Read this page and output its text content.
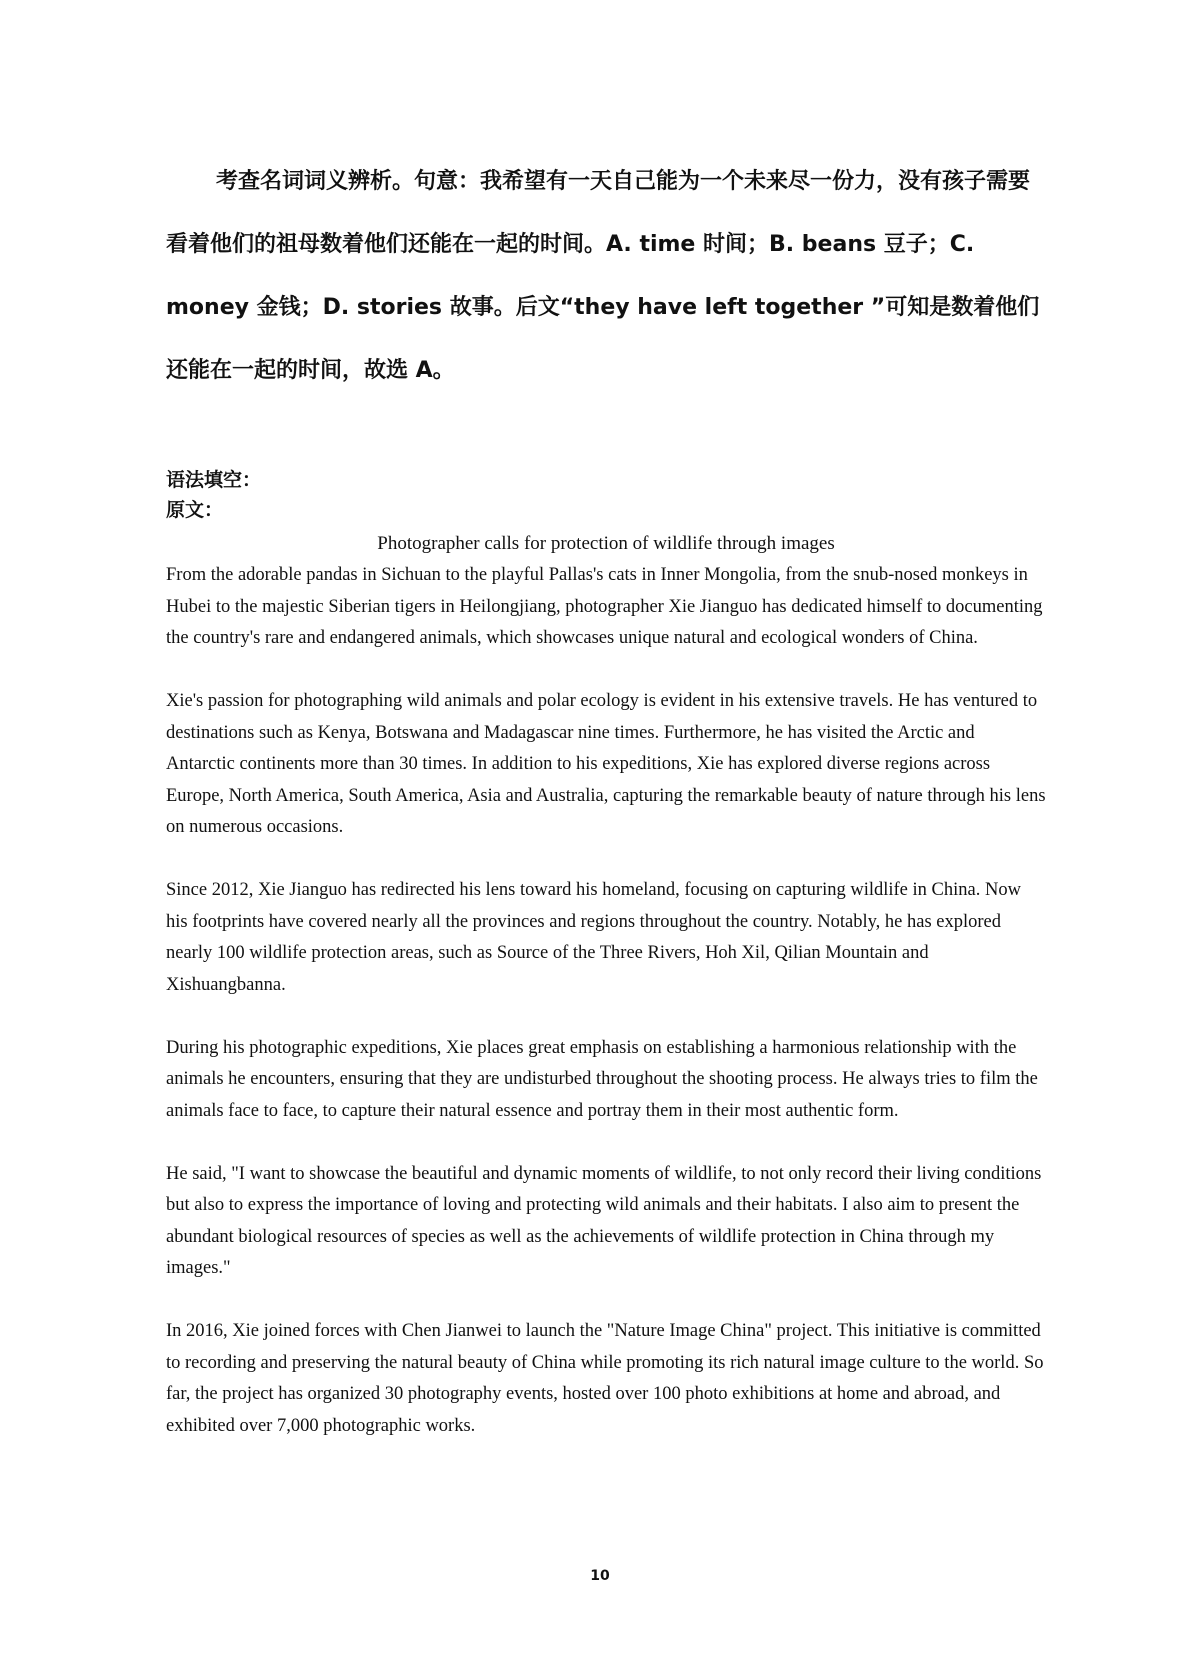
考查名词词义辨析。句意：我希望有一天自己能为一个未来尽一份力，没有孩子需要看着他们的祖母数着他们还能在一起的时间。A. time 时间；B. beans 豆子；C. money 金钱；D. stories 故事。后文“they have left together ”可知是数着他们还能在一起的时间，故选 A。

语法填空：
原文：
Photographer calls for protection of wildlife through images

From the adorable pandas in Sichuan to the playful Pallas's cats in Inner Mongolia, from the snub-nosed monkeys in Hubei to the majestic Siberian tigers in Heilongjiang, photographer Xie Jianguo has dedicated himself to documenting the country's rare and endangered animals, which showcases unique natural and ecological wonders of China.

Xie's passion for photographing wild animals and polar ecology is evident in his extensive travels. He has ventured to destinations such as Kenya, Botswana and Madagascar nine times. Furthermore, he has visited the Arctic and Antarctic continents more than 30 times. In addition to his expeditions, Xie has explored diverse regions across Europe, North America, South America, Asia and Australia, capturing the remarkable beauty of nature through his lens on numerous occasions.

Since 2012, Xie Jianguo has redirected his lens toward his homeland, focusing on capturing wildlife in China. Now his footprints have covered nearly all the provinces and regions throughout the country. Notably, he has explored nearly 100 wildlife protection areas, such as Source of the Three Rivers, Hoh Xil, Qilian Mountain and Xishuangbanna.

During his photographic expeditions, Xie places great emphasis on establishing a harmonious relationship with the animals he encounters, ensuring that they are undisturbed throughout the shooting process. He always tries to film the animals face to face, to capture their natural essence and portray them in their most authentic form.

He said, "I want to showcase the beautiful and dynamic moments of wildlife, to not only record their living conditions but also to express the importance of loving and protecting wild animals and their habitats. I also aim to present the abundant biological resources of species as well as the achievements of wildlife protection in China through my images."

In 2016, Xie joined forces with Chen Jianwei to launch the "Nature Image China" project. This initiative is committed to recording and preserving the natural beauty of China while promoting its rich natural image culture to the world. So far, the project has organized 30 photography events, hosted over 100 photo exhibitions at home and abroad, and exhibited over 7,000 photographic works.

10
